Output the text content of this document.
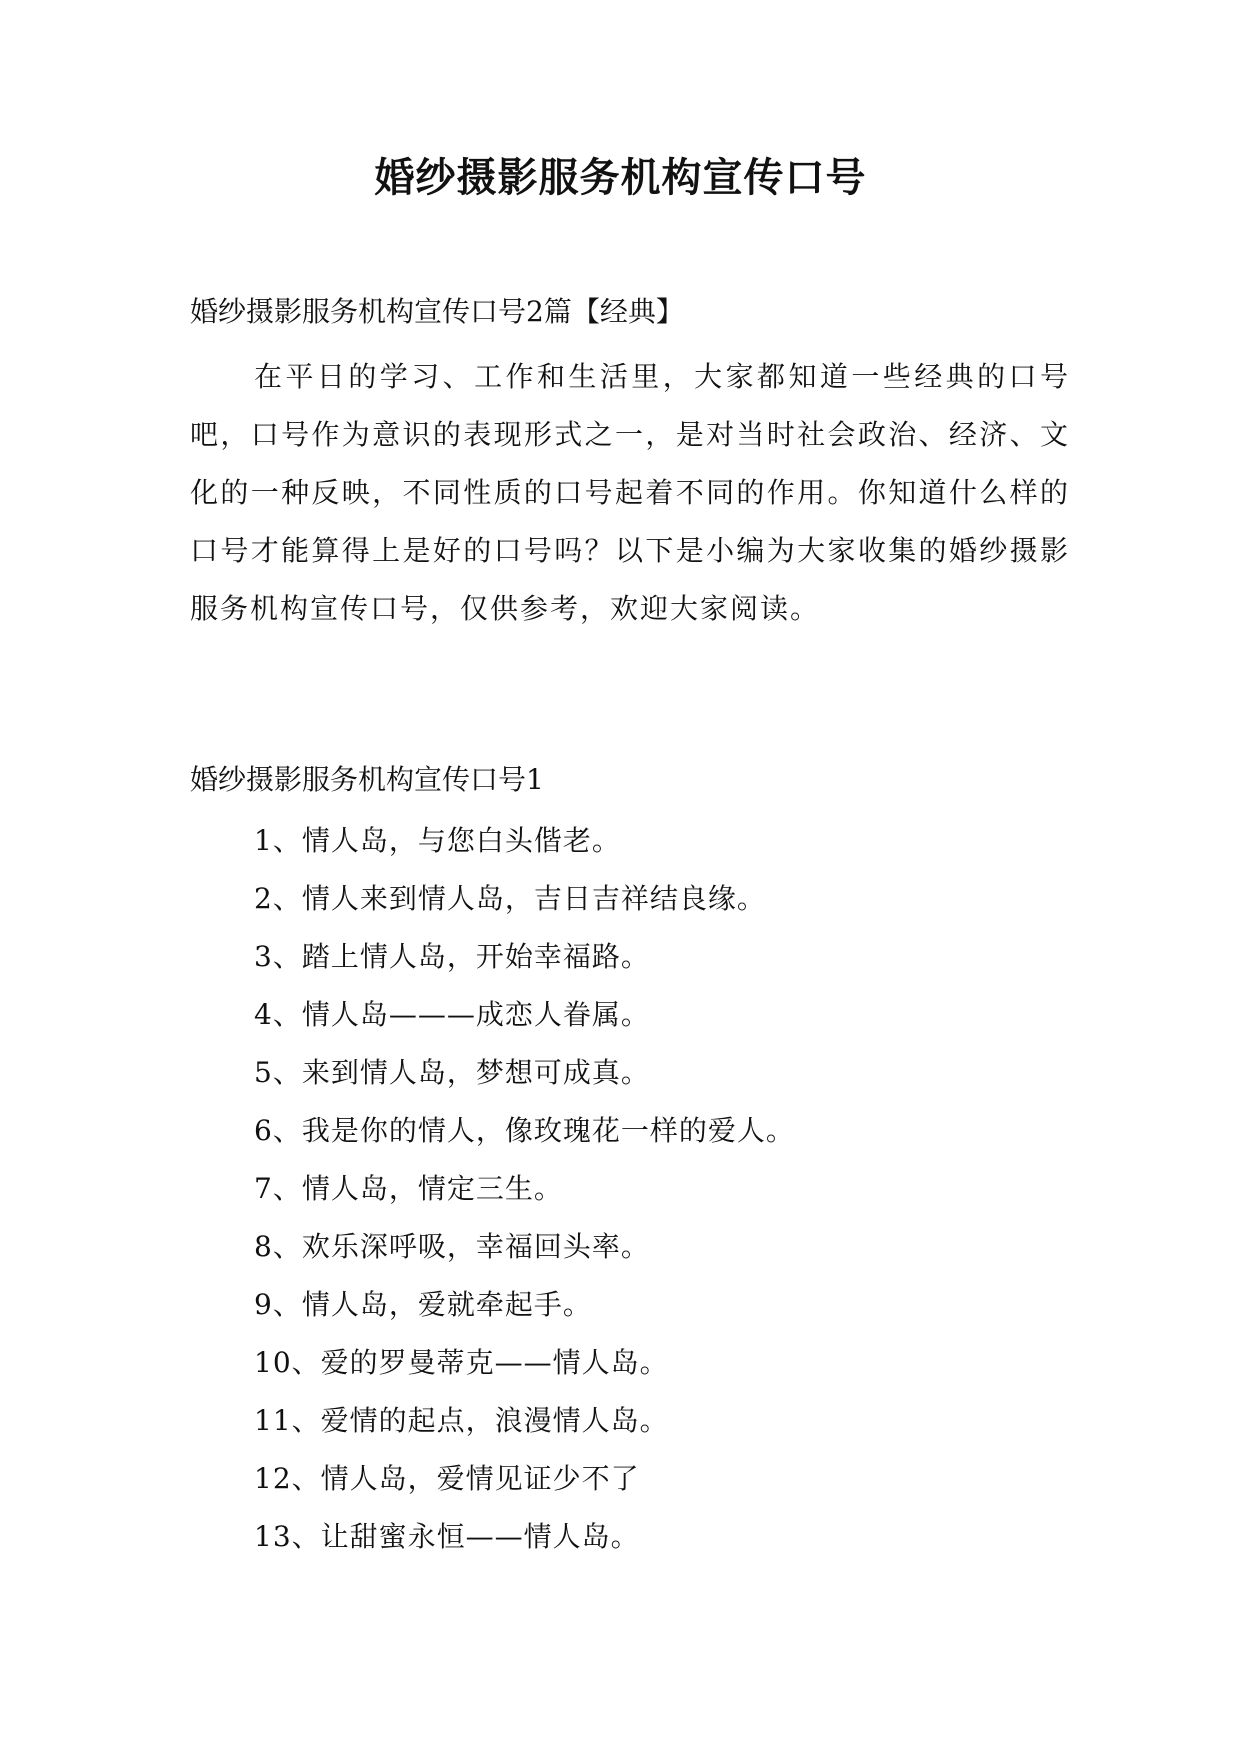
婚纱摄影服务机构宣传口号

婚纱摄影服务机构宣传口号2篇【经典】

在平日的学习、工作和生活里，大家都知道一些经典的口号吧，口号作为意识的表现形式之一，是对当时社会政治、经济、文化的一种反映，不同性质的口号起着不同的作用。你知道什么样的口号才能算得上是好的口号吗？以下是小编为大家收集的婚纱摄影服务机构宣传口号，仅供参考，欢迎大家阅读。

婚纱摄影服务机构宣传口号1

1、情人岛，与您白头偕老。
2、情人来到情人岛，吉日吉祥结良缘。
3、踏上情人岛，开始幸福路。
4、情人岛———成恋人眷属。
5、来到情人岛，梦想可成真。
6、我是你的情人，像玫瑰花一样的爱人。
7、情人岛，情定三生。
8、欢乐深呼吸，幸福回头率。
9、情人岛，爱就牵起手。
10、爱的罗曼蒂克——情人岛。
11、爱情的起点，浪漫情人岛。
12、情人岛，爱情见证少不了
13、让甜蜜永恒——情人岛。
